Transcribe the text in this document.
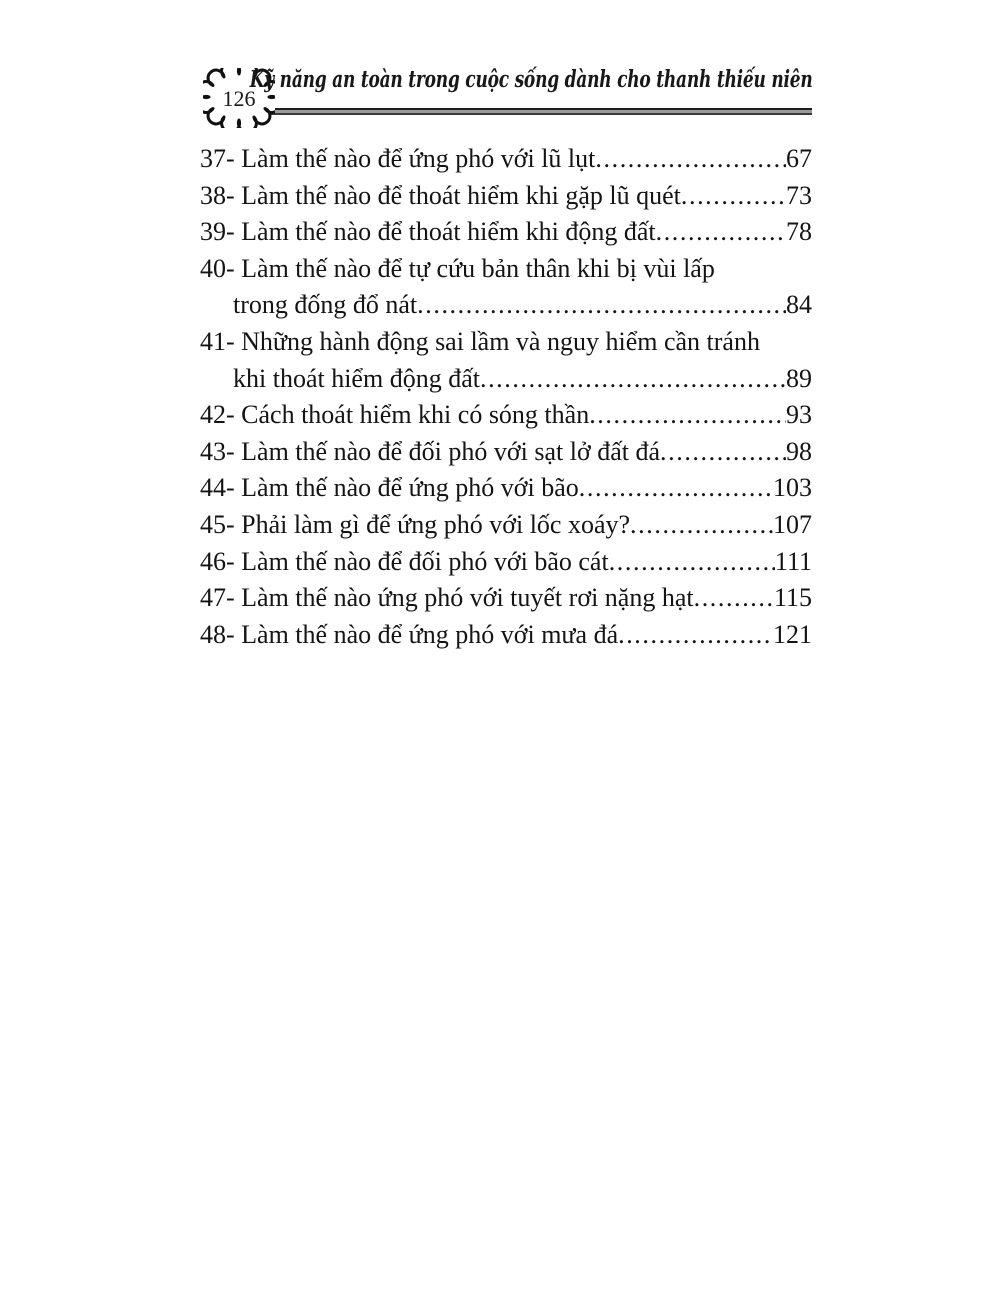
126
Kỹ năng an toàn trong cuộc sống dành cho thanh thiếu niên
37- Làm thế nào để ứng phó với lũ lụt .....	67
38- Làm thế nào để thoát hiểm khi gặp lũ quét .....	73
39- Làm thế nào để thoát hiểm khi động đất .....	78
40- Làm thế nào để tự cứu bản thân khi bị vùi lấp
trong đống đổ nát .....	84
41- Những hành động sai lầm và nguy hiểm cần tránh
khi thoát hiểm động đất .....	89
42- Cách thoát hiểm khi có sóng thần .....	93
43- Làm thế nào để đối phó với sạt lở đất đá .....	98
44- Làm thế nào để ứng phó với bão .....	103
45- Phải làm gì để ứng phó với lốc xoáy? .....	107
46- Làm thế nào để đối phó với bão cát .....	111
47- Làm thế nào ứng phó với tuyết rơi nặng hạt .....	115
48- Làm thế nào để ứng phó với mưa đá .....	121
